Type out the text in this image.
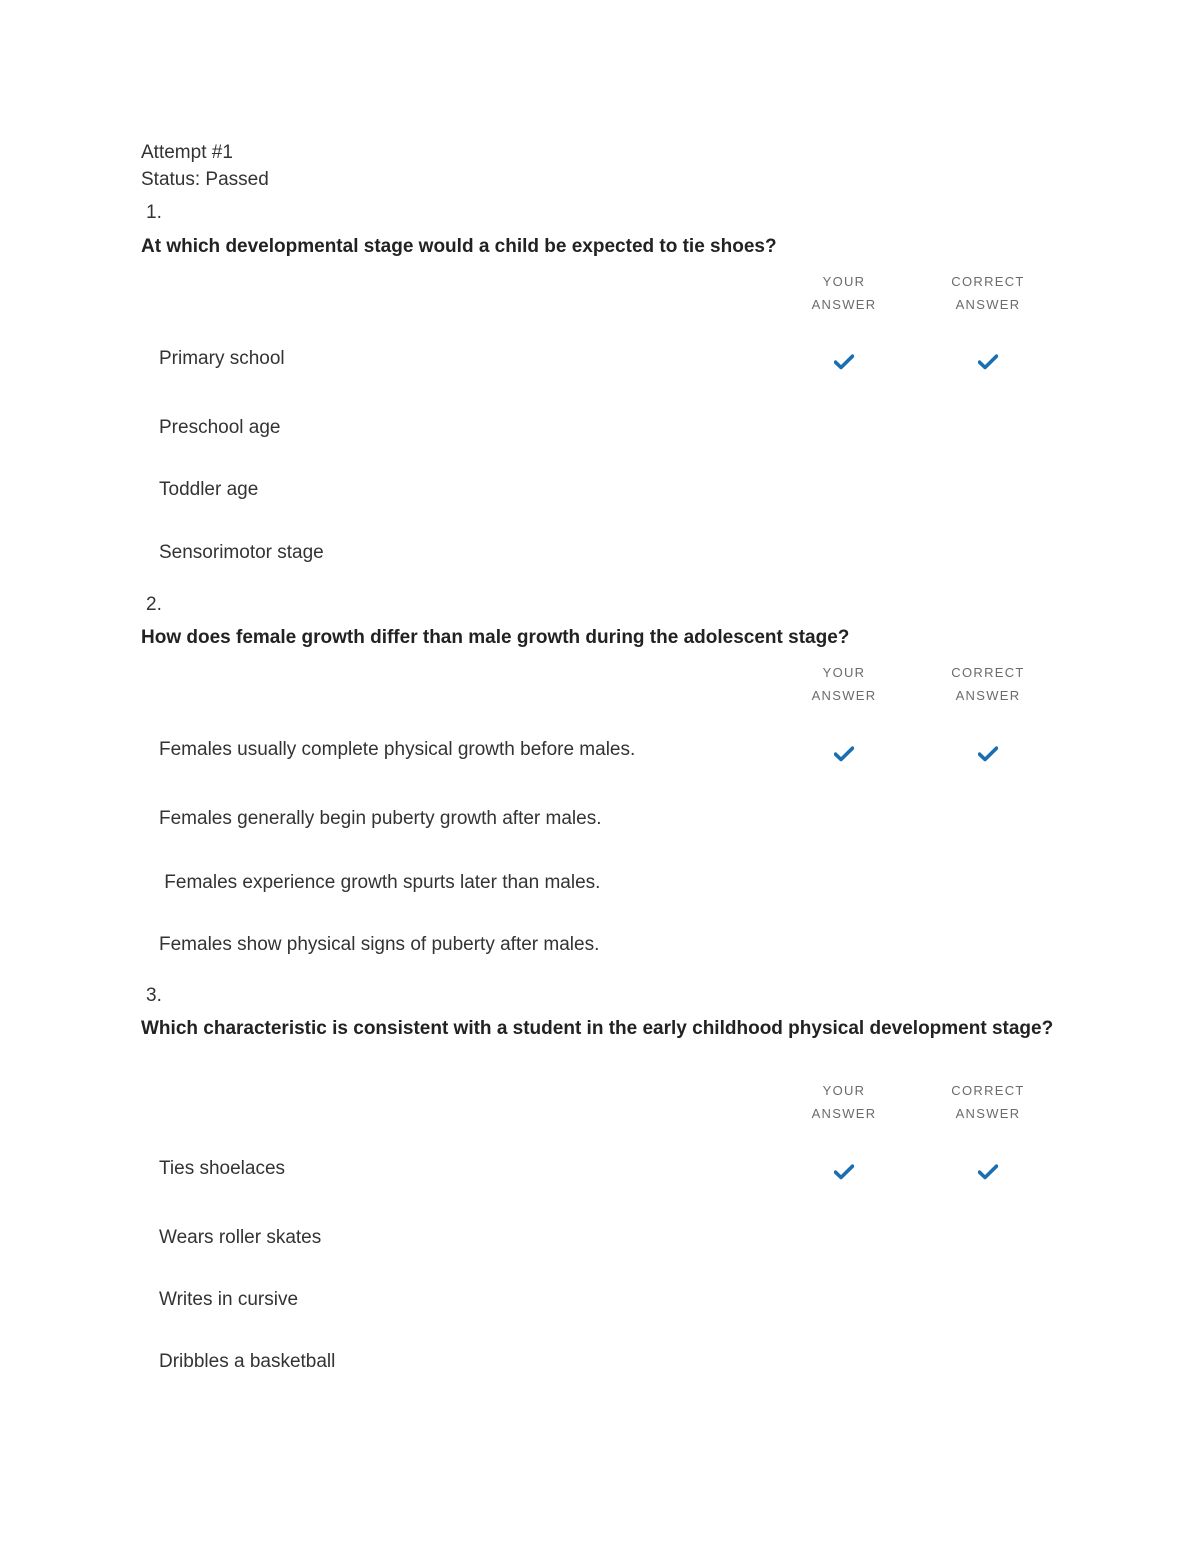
Attempt #1
Status: Passed
1.
At which developmental stage would a child be expected to tie shoes?
YOUR
ANSWER
CORRECT
ANSWER
Primary school
Preschool age
Toddler age
Sensorimotor stage
2.
How does female growth differ than male growth during the adolescent stage?
YOUR
ANSWER
CORRECT
ANSWER
Females usually complete physical growth before males.
Females generally begin puberty growth after males.
Females experience growth spurts later than males.
Females show physical signs of puberty after males.
3.
Which characteristic is consistent with a student in the early childhood physical development stage?
YOUR
ANSWER
CORRECT
ANSWER
Ties shoelaces
Wears roller skates
Writes in cursive
Dribbles a basketball
